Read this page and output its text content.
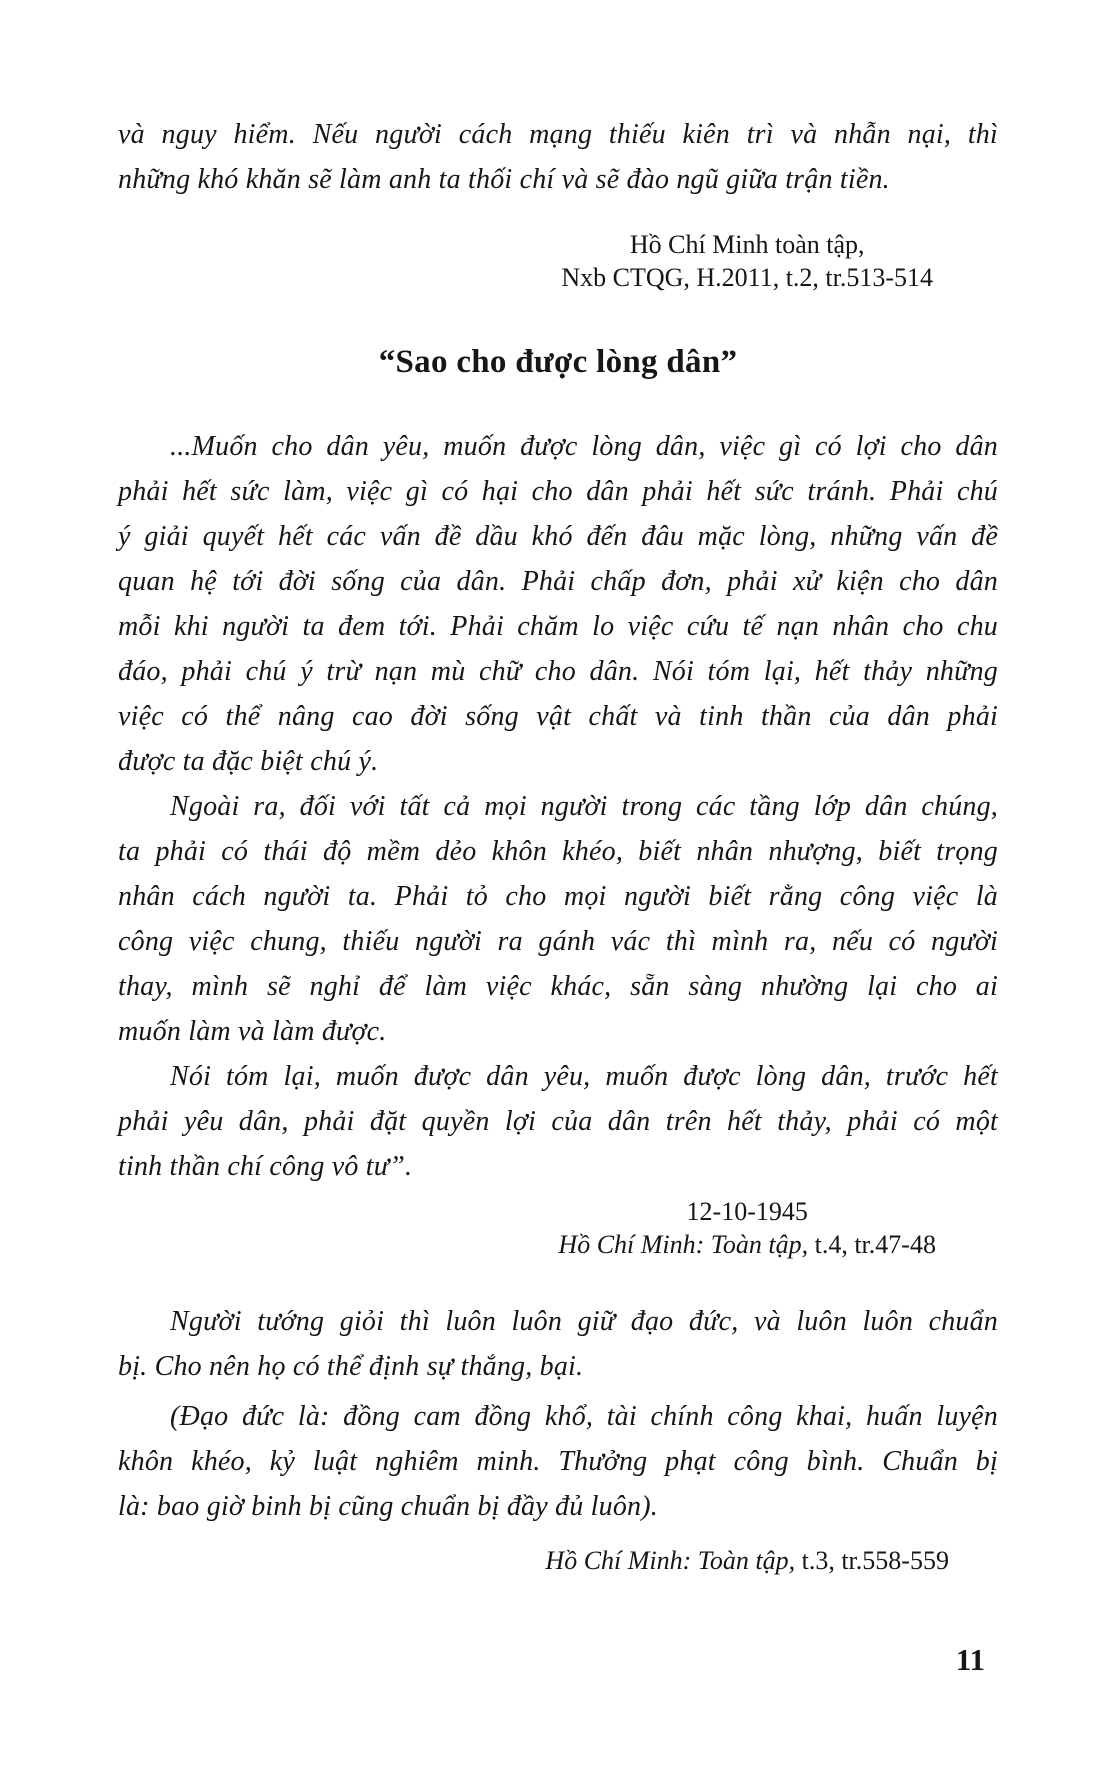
và nguy hiểm. Nếu người cách mạng thiếu kiên trì và nhẫn nại, thì
những khó khăn sẽ làm anh ta thối chí và sẽ đào ngũ giữa trận tiền.
Hồ Chí Minh toàn tập,
Nxb CTQG, H.2011, t.2, tr.513-514
“Sao cho được lòng dân”
...Muốn cho dân yêu, muốn được lòng dân, việc gì có lợi cho dân
phải hết sức làm, việc gì có hại cho dân phải hết sức tránh. Phải chú
ý giải quyết hết các vấn đề dầu khó đến đâu mặc lòng, những vấn đề
quan hệ tới đời sống của dân. Phải chấp đơn, phải xử kiện cho dân
mỗi khi người ta đem tới. Phải chăm lo việc cứu tế nạn nhân cho chu
đáo, phải chú ý trừ nạn mù chữ cho dân. Nói tóm lại, hết thảy những
việc có thể nâng cao đời sống vật chất và tinh thần của dân phải
được ta đặc biệt chú ý.
Ngoài ra, đối với tất cả mọi người trong các tầng lớp dân chúng,
ta phải có thái độ mềm dẻo khôn khéo, biết nhân nhượng, biết trọng
nhân cách người ta. Phải tỏ cho mọi người biết rằng công việc là
công việc chung, thiếu người ra gánh vác thì mình ra, nếu có người
thay, mình sẽ nghỉ để làm việc khác, sẵn sàng nhường lại cho ai
muốn làm và làm được.
Nói tóm lại, muốn được dân yêu, muốn được lòng dân, trước hết
phải yêu dân, phải đặt quyền lợi của dân trên hết thảy, phải có một
tinh thần chí công vô tư”.
12-10-1945
Hồ Chí Minh: Toàn tập, t.4, tr.47-48
Người tướng giỏi thì luôn luôn giữ đạo đức, và luôn luôn chuẩn
bị. Cho nên họ có thể định sự thắng, bại.
(Đạo đức là: đồng cam đồng khổ, tài chính công khai, huấn luyện
khôn khéo, kỷ luật nghiêm minh. Thưởng phạt công bình. Chuẩn bị
là: bao giờ binh bị cũng chuẩn bị đầy đủ luôn).
Hồ Chí Minh: Toàn tập, t.3, tr.558-559
11
